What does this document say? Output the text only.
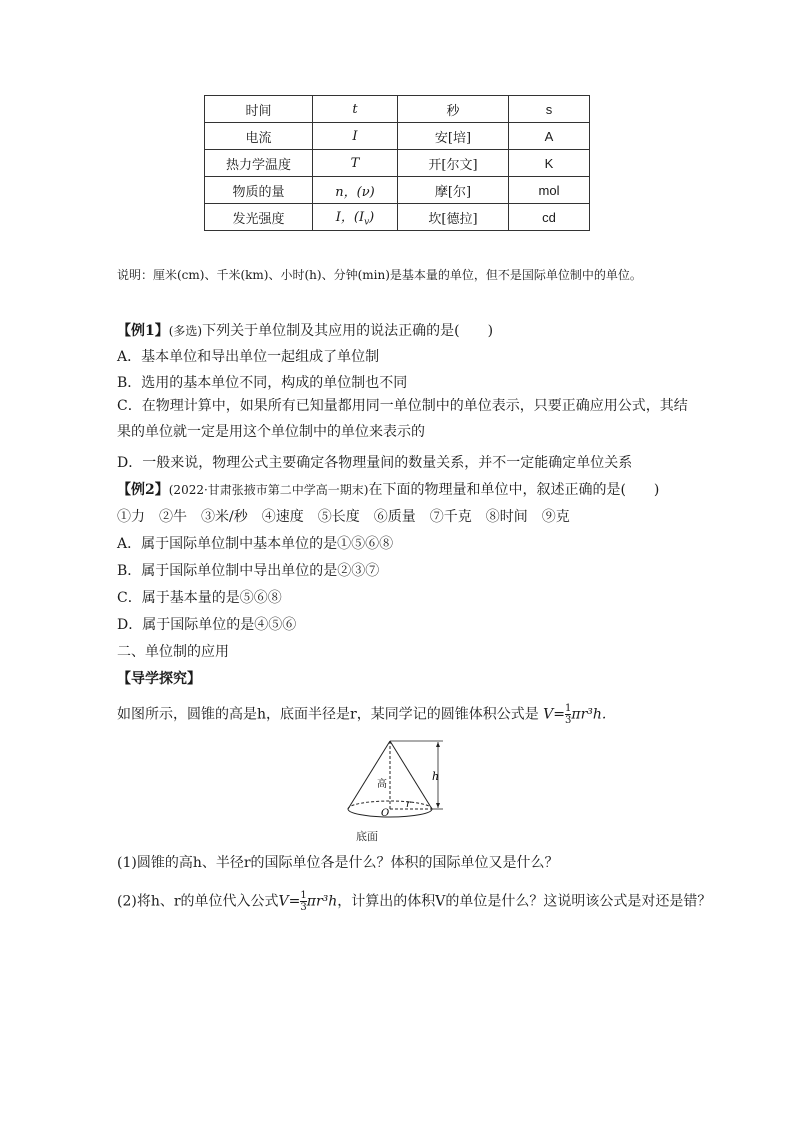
时间	t	秒	s
电流	I	安[培]	A
热力学温度	T	开[尔文]	K
物质的量	n，(ν)	摩[尔]	mol
发光强度	I，$(I_v)$	坎[德拉]	cd
说明：厘米(cm)、千米(km)、小时(h)、分钟(min)是基本量的单位，但不是国际单位制中的单位。
【例1】(多选)下列关于单位制及其应用的说法正确的是(　　)
A．基本单位和导出单位一起组成了单位制
B．选用的基本单位不同，构成的单位制也不同
C．在物理计算中，如果所有已知量都用同一单位制中的单位表示，只要正确应用公式，其结果的单位就一定是用这个单位制中的单位来表示的
D．一般来说，物理公式主要确定各物理量间的数量关系，并不一定能确定单位关系
【例2】(2022·甘肃张掖市第二中学高一期末)在下面的物理量和单位中，叙述正确的是(　　)
①力　②牛　③米/秒　④速度　⑤长度　⑥质量　⑦千克　⑧时间　⑨克
A．属于国际单位制中基本单位的是①⑤⑥⑧
B．属于国际单位制中导出单位的是②③⑦
C．属于基本量的是⑤⑥⑧
D．属于国际单位的是④⑤⑥
二、单位制的应用
【导学探究】
如图所示，圆锥的高是h，底面半径是r，某同学记的圆锥体积公式是 $V= \frac{1}{3} \pi r^3h$.
h
高
O
r
底面
(1)圆锥的高h、半径r的国际单位各是什么？体积的国际单位又是什么？
(2)将h、r的单位代入公式$V= \frac{1}{3} \pi r^3h$，计算出的体积V的单位是什么？这说明该公式是对还是错？
